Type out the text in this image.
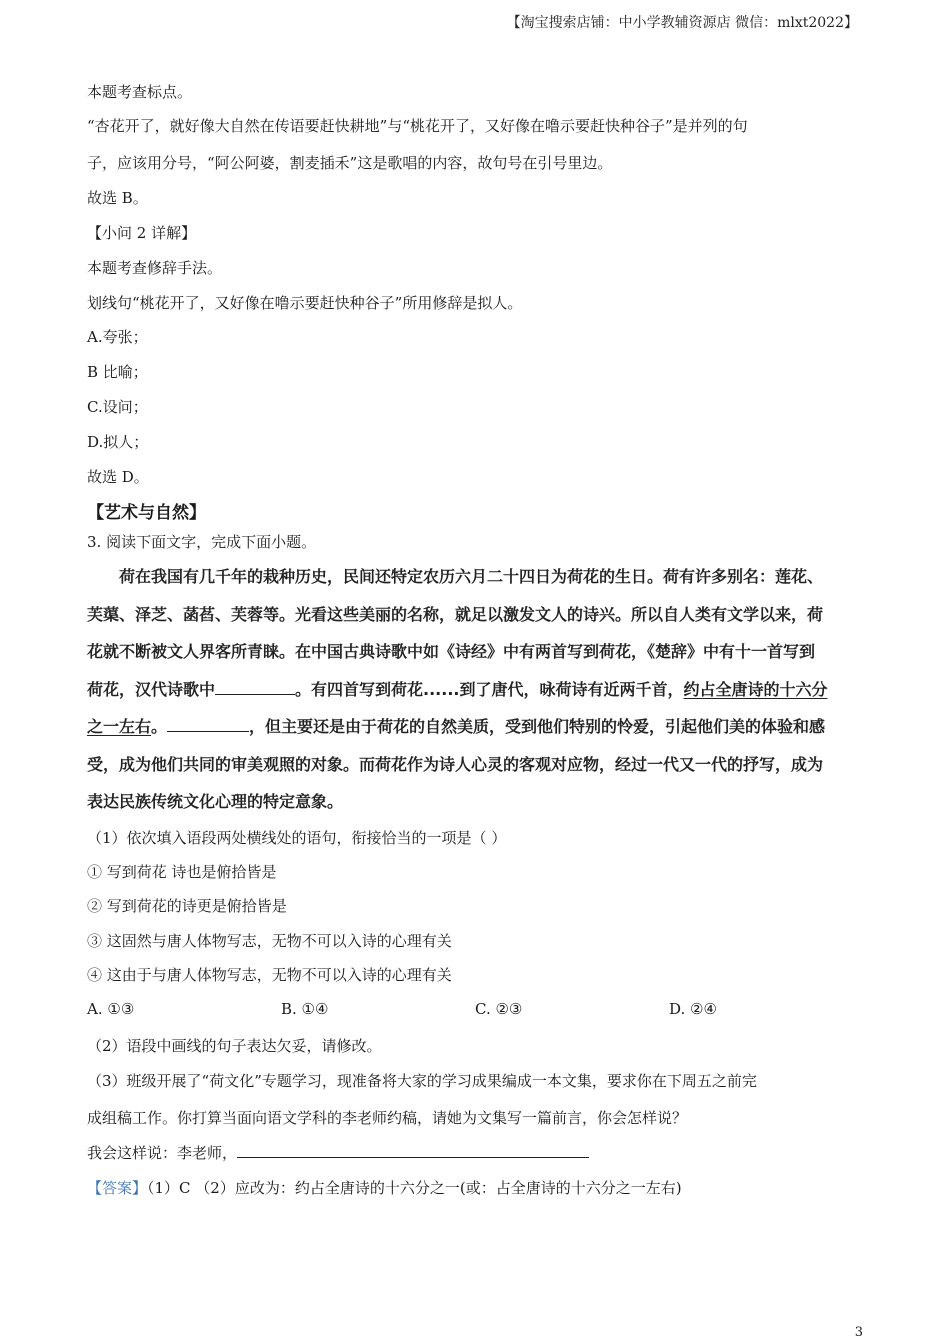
【淘宝搜索店铺：中小学教辅资源店 微信：mlxt2022】
本题考查标点。
“杏花开了，就好像大自然在传语要赶快耕地”与“桃花开了，又好像在噜示要赶快种谷子”是并列的句
子，应该用分号，“阿公阿婆，割麦插禾”这是歌唱的内容，故句号在引号里边。
故选 B。
【小问 2 详解】
本题考查修辞手法。
划线句“桃花开了，又好像在噜示要赶快种谷子”所用修辞是拟人。
A.夸张；
B 比喻；
C.设问；
D.拟人；
故选 D。
【艺术与自然】
3. 阅读下面文字，完成下面小题。
荷在我国有几千年的栽种历史，民间还特定农历六月二十四日为荷花的生日。荷有许多别名：莲花、
芙蕖、泽芝、菡萏、芙蓉等。光看这些美丽的名称，就足以激发文人的诗兴。所以自人类有文学以来，荷
花就不断被文人界客所青睐。在中国古典诗歌中如《诗经》中有两首写到荷花，《楚辞》中有十一首写到
荷花，汉代诗歌中	。有四首写到荷花......到了唐代，咏荷诗有近两千首，约占全唐诗的十六分
之一左右。	，但主要还是由于荷花的自然美质，受到他们特别的怜爱，引起他们美的体验和感
受，成为他们共同的审美观照的对象。而荷花作为诗人心灵的客观对应物，经过一代又一代的抒写，成为
表达民族传统文化心理的特定意象。
（1）依次填入语段两处横线处的语句，衔接恰当的一项是（ ）
① 写到荷花 诗也是俯拾皆是
② 写到荷花的诗更是俯拾皆是
③ 这固然与唐人体物写志，无物不可以入诗的心理有关
④ 这由于与唐人体物写志，无物不可以入诗的心理有关
A. ①③	B. ①④	C. ②③	D. ②④
（2）语段中画线的句子表达欠妥，请修改。
（3）班级开展了“荷文化”专题学习，现准备将大家的学习成果编成一本文集，要求你在下周五之前完
成组稿工作。你打算当面向语文学科的李老师约稿，请她为文集写一篇前言，你会怎样说？
我会这样说：李老师，
【答案】（1）C （2）应改为：约占全唐诗的十六分之一(或：占全唐诗的十六分之一左右)
3
